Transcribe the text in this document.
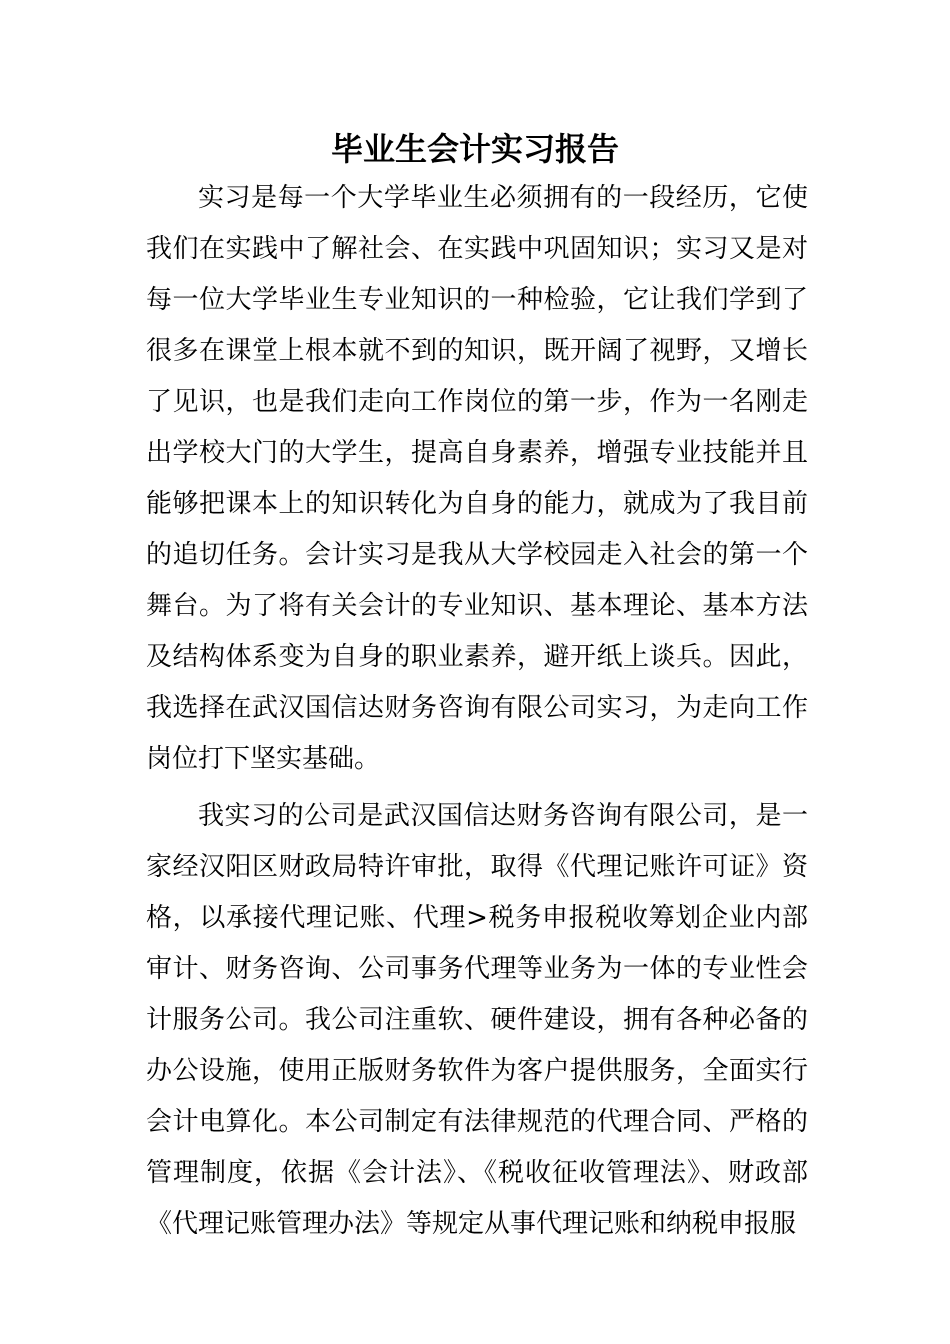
毕业生会计实习报告

实习是每一个大学毕业生必须拥有的一段经历，它使我们在实践中了解社会、在实践中巩固知识；实习又是对每一位大学毕业生专业知识的一种检验，它让我们学到了很多在课堂上根本就不到的知识，既开阔了视野，又增长了见识，也是我们走向工作岗位的第一步，作为一名刚走出学校大门的大学生，提高自身素养，增强专业技能并且能够把课本上的知识转化为自身的能力，就成为了我目前的追切任务。会计实习是我从大学校园走入社会的第一个舞台。为了将有关会计的专业知识、基本理论、基本方法及结构体系变为自身的职业素养，避开纸上谈兵。因此，我选择在武汉国信达财务咨询有限公司实习，为走向工作岗位打下坚实基础。

我实习的公司是武汉国信达财务咨询有限公司，是一家经汉阳区财政局特许审批，取得《代理记账许可证》资格，以承接代理记账、代理>税务申报税收筹划企业内部审计、财务咨询、公司事务代理等业务为一体的专业性会计服务公司。我公司注重软、硬件建设，拥有各种必备的办公设施，使用正版财务软件为客户提供服务，全面实行会计电算化。本公司制定有法律规范的代理合同、严格的管理制度，依据《会计法》、《税收征收管理法》、财政部《代理记账管理办法》等规定从事代理记账和纳税申报服
